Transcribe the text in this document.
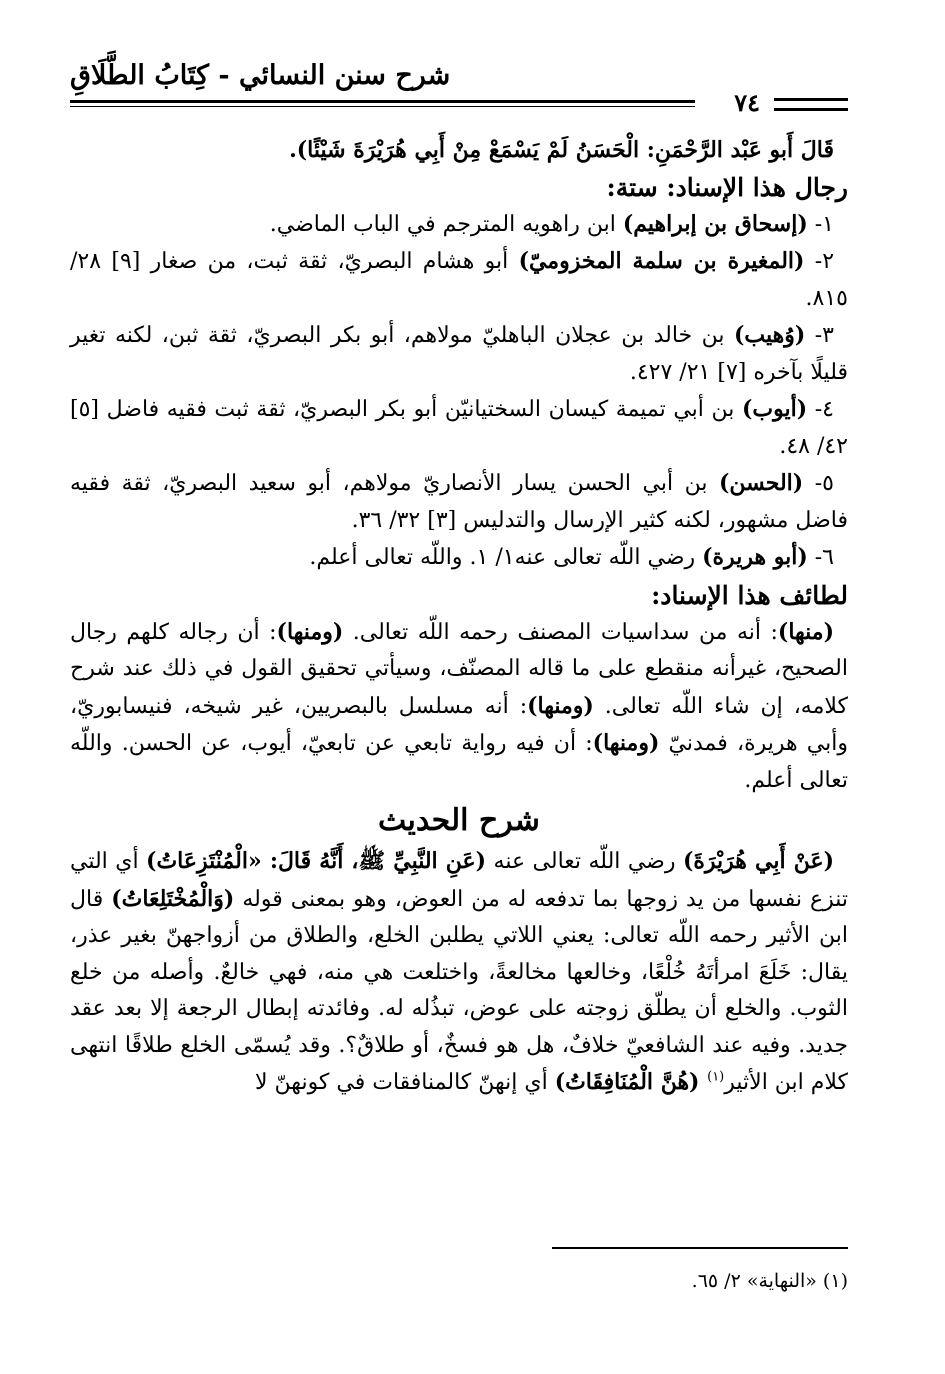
شرح سنن النسائي - كِتَابُ الطَّلَاقِ
٧٤

قَالَ أَبو عَبْد الرَّحْمَنِ: الْحَسَنُ لَمْ يَسْمَعْ مِنْ أَبِي هُرَيْرَةَ شَيْئًا).

رجال هذا الإسناد: ستة:

١- (إسحاق بن إبراهيم) ابن راهويه المترجم في الباب الماضي.

٢- (المغيرة بن سلمة المخزوميّ) أبو هشام البصريّ، ثقة ثبت، من صغار [٩] ٢٨/ ٨١٥.

٣- (وُهيب) بن خالد بن عجلان الباهليّ مولاهم، أبو بكر البصريّ، ثقة ثبن، لكنه تغير قليلًا بآخره [٧] ٢١/ ٤٢٧.

٤- (أيوب) بن أبي تميمة كيسان السختيانيّن أبو بكر البصريّ، ثقة ثبت فقيه فاضل [٥] ٤٢/ ٤٨.

٥- (الحسن) بن أبي الحسن يسار الأنصاريّ مولاهم، أبو سعيد البصريّ، ثقة فقيه فاضل مشهور، لكنه كثير الإرسال والتدليس [٣] ٣٢/ ٣٦.

٦- (أبو هريرة) رضي اللّه تعالى عنه١/ ١. واللّه تعالى أعلم.

لطائف هذا الإسناد:

(منها): أنه من سداسيات المصنف رحمه اللّه تعالى. (ومنها): أن رجاله كلهم رجال الصحيح، غيرأنه منقطع على ما قاله المصنّف، وسيأتي تحقيق القول في ذلك عند شرح كلامه، إن شاء اللّه تعالى. (ومنها): أنه مسلسل بالبصريين، غير شيخه، فنيسابوريّ، وأبي هريرة، فمدنيّ (ومنها): أن فيه رواية تابعي عن تابعيّ، أيوب، عن الحسن. واللّه تعالى أعلم.

شرح الحديث

(عَنْ أَبِي هُرَيْرَةَ) رضي اللّه تعالى عنه (عَنِ النَّبِيِّ ﷺ، أَنَّهُ قَالَ: «الْمُنْتَزِعَاتُ) أي التي تنزع نفسها من يد زوجها بما تدفعه له من العوض، وهو بمعنى قوله (وَالْمُخْتَلِعَاتُ) قال ابن الأثير رحمه اللّه تعالى: يعني اللاتي يطلبن الخلع، والطلاق من أزواجهنّ بغير عذر، يقال: خَلَعَ امرأتَهُ خُلْعًا، وخالعها مخالعةً، واختلعت هي منه، فهي خالعٌ. وأصله من خلع الثوب. والخلع أن يطلّق زوجته على عوض، تبذُله له. وفائدته إبطال الرجعة إلا بعد عقد جديد. وفيه عند الشافعيّ خلافٌ، هل هو فسخٌ، أو طلاقٌ؟. وقد يُسمّى الخلع طلاقًا انتهى كلام ابن الأثير$^{(١)}$ (هُنَّ الْمُنَافِقَاتُ) أي إنهنّ كالمنافقات في كونهنّ لا

(١) «النهاية» ٢/ ٦٥.
